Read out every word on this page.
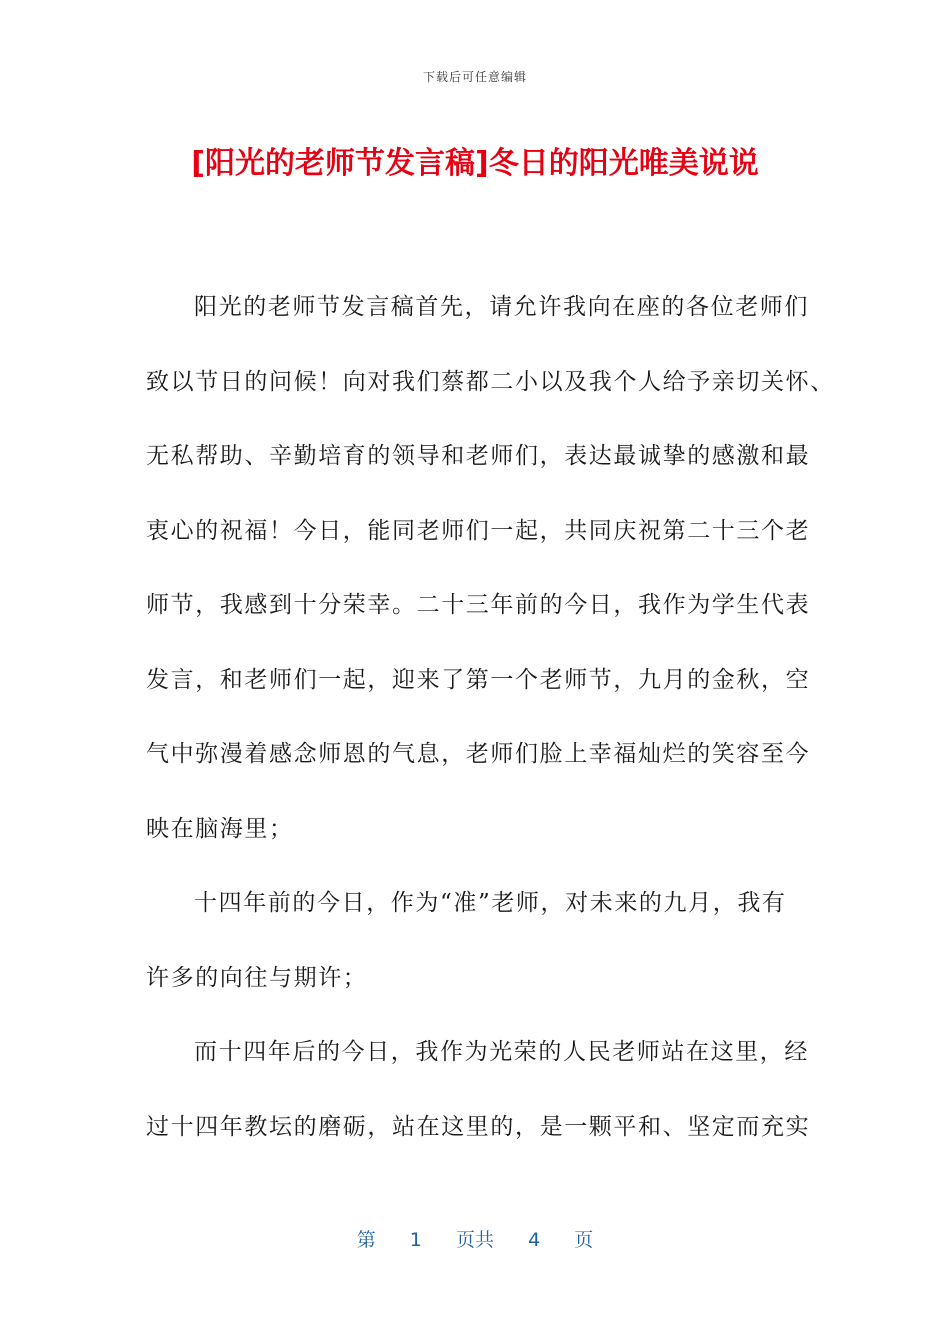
下载后可任意编辑
[阳光的老师节发言稿]冬日的阳光唯美说说
阳光的老师节发言稿首先，请允许我向在座的各位老师们
致以节日的问候！向对我们蔡都二小以及我个人给予亲切关怀、
无私帮助、辛勤培育的领导和老师们，表达最诚挚的感激和最
衷心的祝福！今日，能同老师们一起，共同庆祝第二十三个老
师节，我感到十分荣幸。二十三年前的今日，我作为学生代表
发言，和老师们一起，迎来了第一个老师节，九月的金秋，空
气中弥漫着感念师恩的气息，老师们脸上幸福灿烂的笑容至今
映在脑海里；
十四年前的今日，作为“准”老师，对未来的九月，我有
许多的向往与期许；
而十四年后的今日，我作为光荣的人民老师站在这里，经
过十四年教坛的磨砺，站在这里的，是一颗平和、坚定而充实
第 1 页共 4 页
